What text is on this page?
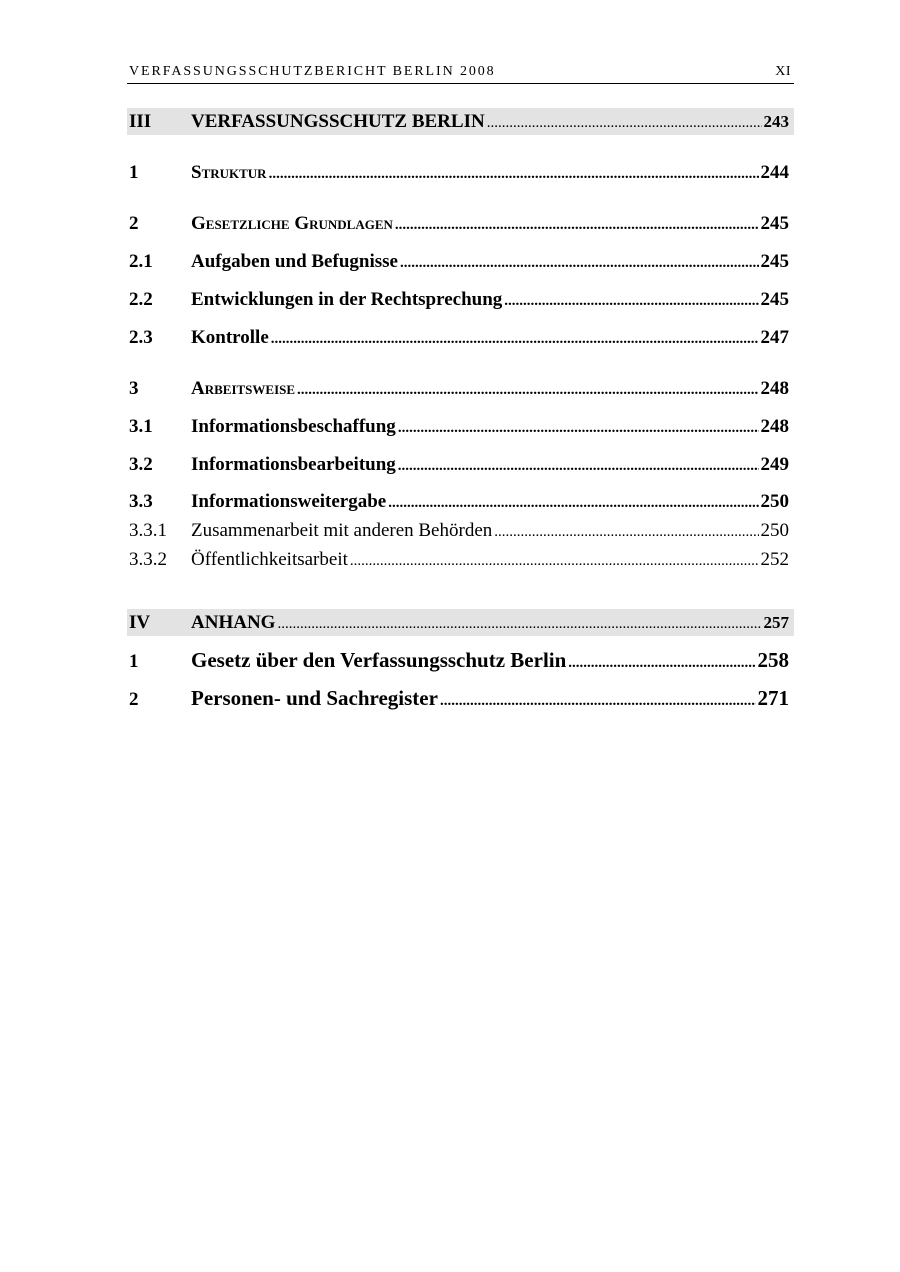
VERFASSUNGSSCHUTZBERICHT BERLIN 2008	XI
III	VERFASSUNGSSCHUTZ BERLIN .....	243
1	Struktur .....	244
2	Gesetzliche Grundlagen .....	245
2.1	Aufgaben und Befugnisse .....	245
2.2	Entwicklungen in der Rechtsprechung .....	245
2.3	Kontrolle .....	247
3	Arbeitsweise .....	248
3.1	Informationsbeschaffung .....	248
3.2	Informationsbearbeitung .....	249
3.3	Informationsweitergabe .....	250
3.3.1	Zusammenarbeit mit anderen Behörden .....	250
3.3.2	Öffentlichkeitsarbeit .....	252
IV	ANHANG .....	257
1	Gesetz über den Verfassungsschutz Berlin .....	258
2	Personen- und Sachregister .....	271
